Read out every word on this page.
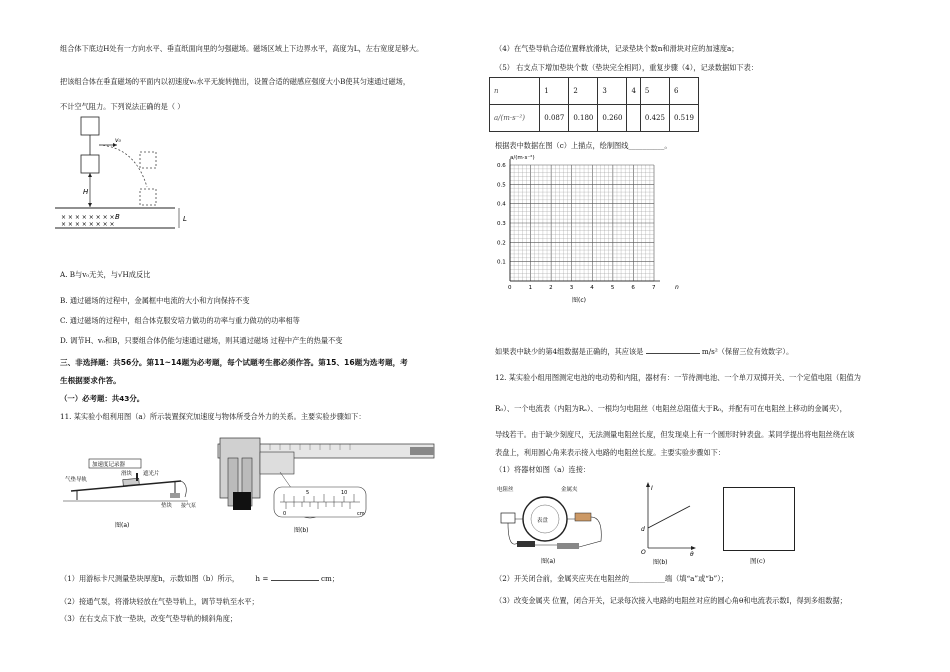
组合体下底边H处有一方向水平、垂直纸面向里的匀强磁场。磁场区域上下边界水平，高度为L，左右宽度足够大。
把该组合体在垂直磁场的平面内以初速度v₀水平无旋转抛出，设置合适的磁感应强度大小B使其匀速通过磁场，
不计空气阻力。下列说法正确的是（ ）
v₀
H
× × × × × × × ×
× × × × × × × ×
B	L
A. B与v₀无关，与√H成反比
B. 通过磁场的过程中，金属框中电流的大小和方向保持不变
C. 通过磁场的过程中，组合体克服安培力做功的功率与重力做功的功率相等
D. 调节H、v₀和B，只要组合体仍能匀速通过磁场，则其通过磁场 过程中产生的热量不变
三、非选择题：共56分。第11~14题为必考题，每个试题考生都必须作答。第15、16题为选考题，考
生根据要求作答。
（一）必考题：共43分。
11. 某实验小组利用图（a）所示装置探究加速度与物体所受合外力的关系。主要实验步骤如下：
加速度记录器
气垫导轨
滑块 遮光片
垫块 接气泵
图(a)
5	10
0	cm
图(b)
（1）用游标卡尺测量垫块厚度h，示数如图（b）所示， h =	cm；
（2）接通气泵，将滑块轻放在气垫导轨上，调节导轨至水平；
（3）在右支点下放一垫块，改变气垫导轨的倾斜角度；
（4）在气垫导轨合适位置释放滑块，记录垫块个数n和滑块对应的加速度a；
（5） 右支点下增加垫块个数（垫块完全相同），重复步骤（4），记录数据如下表：
n	1	2	3	4	5	6
a/(m·s⁻²)	0.087	0.180	0.260		0.425	0.519
根据表中数据在图（c）上描点，绘制图线__________。
a/(m·s⁻²)
0	1	2	3	4	5	6	7
0.1
0.2
0.3
0.4
0.5
0.6
n
图(c)
如果表中缺少的第4组数据是正确的，其应该是	m/s²（保留三位有效数字）。
12. 某实验小组用图测定电池的电动势和内阻，器材有：一节待测电池、一个单刀双掷开关、一个定值电阻（阻值为
R₀）、一个电流表（内阻为Rₐ）、一根均匀电阻丝（电阻丝总阻值大于R₀，并配有可在电阻丝上移动的金属夹），
导线若干。由于缺少刻度尺，无法测量电阻丝长度，但发现桌上有一个圆形时钟表盘。某同学提出将电阻丝绕在该
表盘上，利用圆心角来表示接入电路的电阻丝长度。主要实验步骤如下：
（1）将器材如图（a）连接：
电阻丝	金属夹
表盘
图(a)
I
d
O	θ
图(b)	图(c)
（2）开关闭合前，金属夹应夹在电阻丝的__________端（填“a”或“b”）；
（3）改变金属夹 位置，闭合开关，记录每次接入电路的电阻丝对应的圆心角θ和电流表示数I，得到多组数据；
